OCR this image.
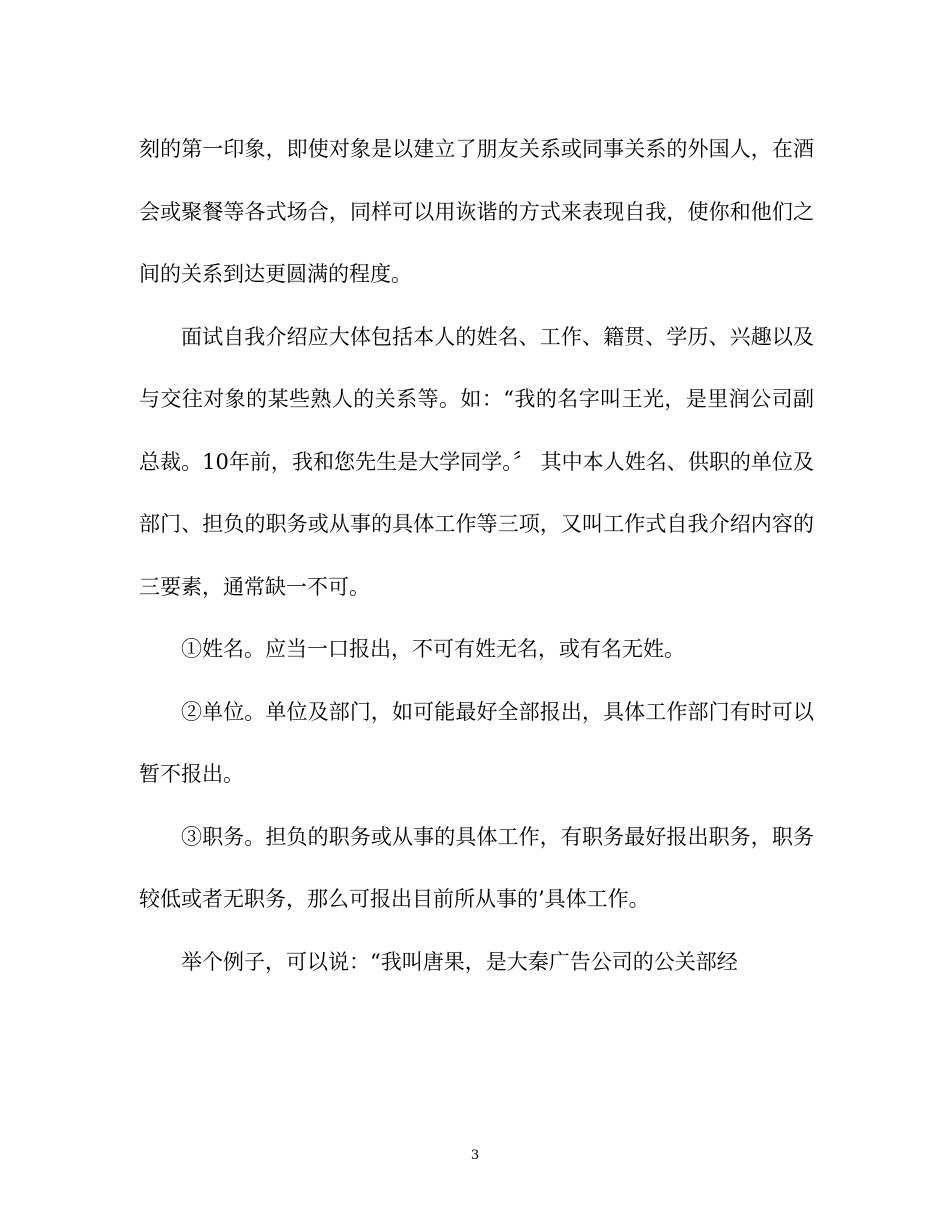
刻的第一印象，即使对象是以建立了朋友关系或同事关系的外国人，在酒会或聚餐等各式场合，同样可以用诙谐的方式来表现自我，使你和他们之间的关系到达更圆满的程度。

面试自我介绍应大体包括本人的姓名、工作、籍贯、学历、兴趣以及与交往对象的某些熟人的关系等。如：“我的名字叫王光，是里润公司副总裁。10年前，我和您先生是大学同学。〞 其中本人姓名、供职的单位及部门、担负的职务或从事的具体工作等三项，又叫工作式自我介绍内容的三要素，通常缺一不可。

①姓名。应当一口报出，不可有姓无名，或有名无姓。

②单位。单位及部门，如可能最好全部报出，具体工作部门有时可以暂不报出。

③职务。担负的职务或从事的具体工作，有职务最好报出职务，职务较低或者无职务，那么可报出目前所从事的’具体工作。

举个例子，可以说：“我叫唐果，是大秦广告公司的公关部经

3
